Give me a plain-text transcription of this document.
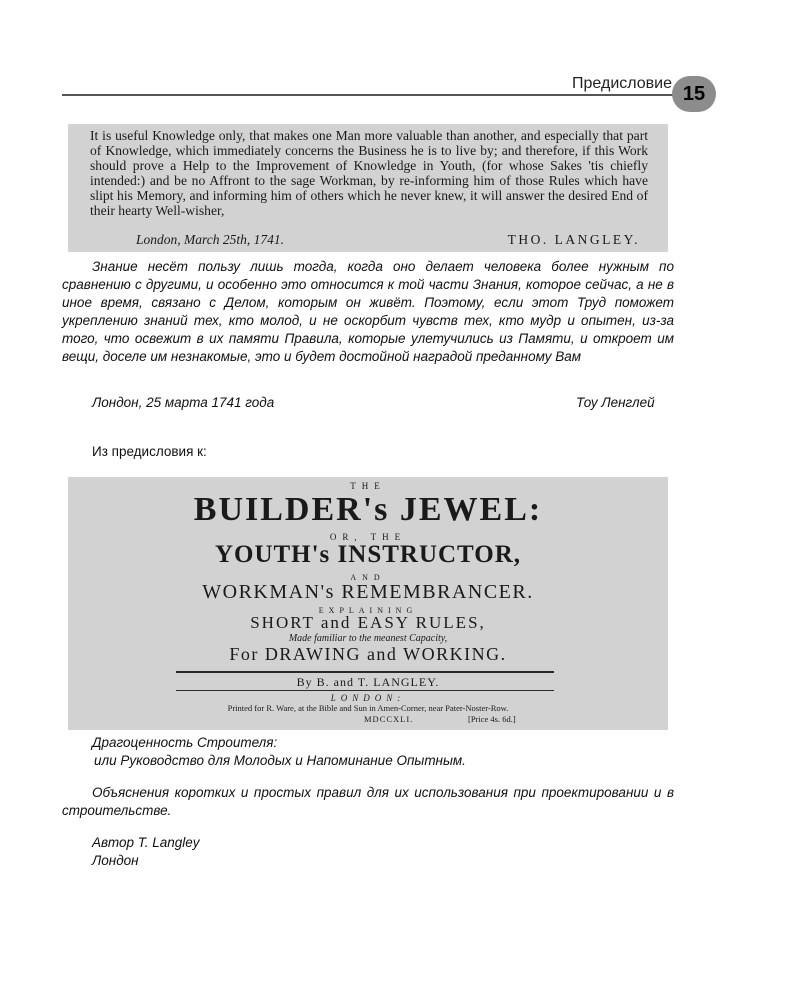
Предисловие 15
It is useful Knowledge only, that makes one Man more valuable than another, and especially that part of Knowledge, which immediately concerns the Business he is to live by; and therefore, if this Work should prove a Help to the Improvement of Knowledge in Youth, (for whose Sakes 'tis chiefly intended:) and be no Affront to the sage Workman, by re-informing him of those Rules which have slipt his Memory, and informing him of others which he never knew, it will answer the desired End of their hearty Well-wisher,
London, March 25th, 1741.	THO. LANGLEY.
Знание несёт пользу лишь тогда, когда оно делает человека более нужным по сравнению с другими, и особенно это относится к той части Знания, которое сейчас, а не в иное время, связано с Делом, которым он живёт. Поэтому, если этот Труд поможет укреплению знаний тех, кто молод, и не оскорбит чувств тех, кто мудр и опытен, из-за того, что освежит в их памяти Правила, которые улетучились из Памяти, и откроет им вещи, доселе им незнакомые, это и будет достойной наградой преданному Вам
Лондон, 25 марта 1741 года	Тоу Ленглей
Из предисловия к:
THE
BUILDER's JEWEL:
OR, THE
YOUTH's INSTRUCTOR,
AND
WORKMAN's REMEMBRANCER.
EXPLAINING
SHORT and EASY RULES,
Made familiar to the meanest Capacity,
For DRAWING and WORKING.
By B. and T. LANGLEY.
LONDON:
Printed for R. Ware, at the Bible and Sun in Amen-Corner, near Pater-Noster-Row.
MDCCXLI.	[Price 4s. 6d.]
Драгоценность Строителя:
или Руководство для Молодых и Напоминание Опытным.
Объяснения коротких и простых правил для их использования при проектировании и в строительстве.
Автор T. Langley
Лондон
